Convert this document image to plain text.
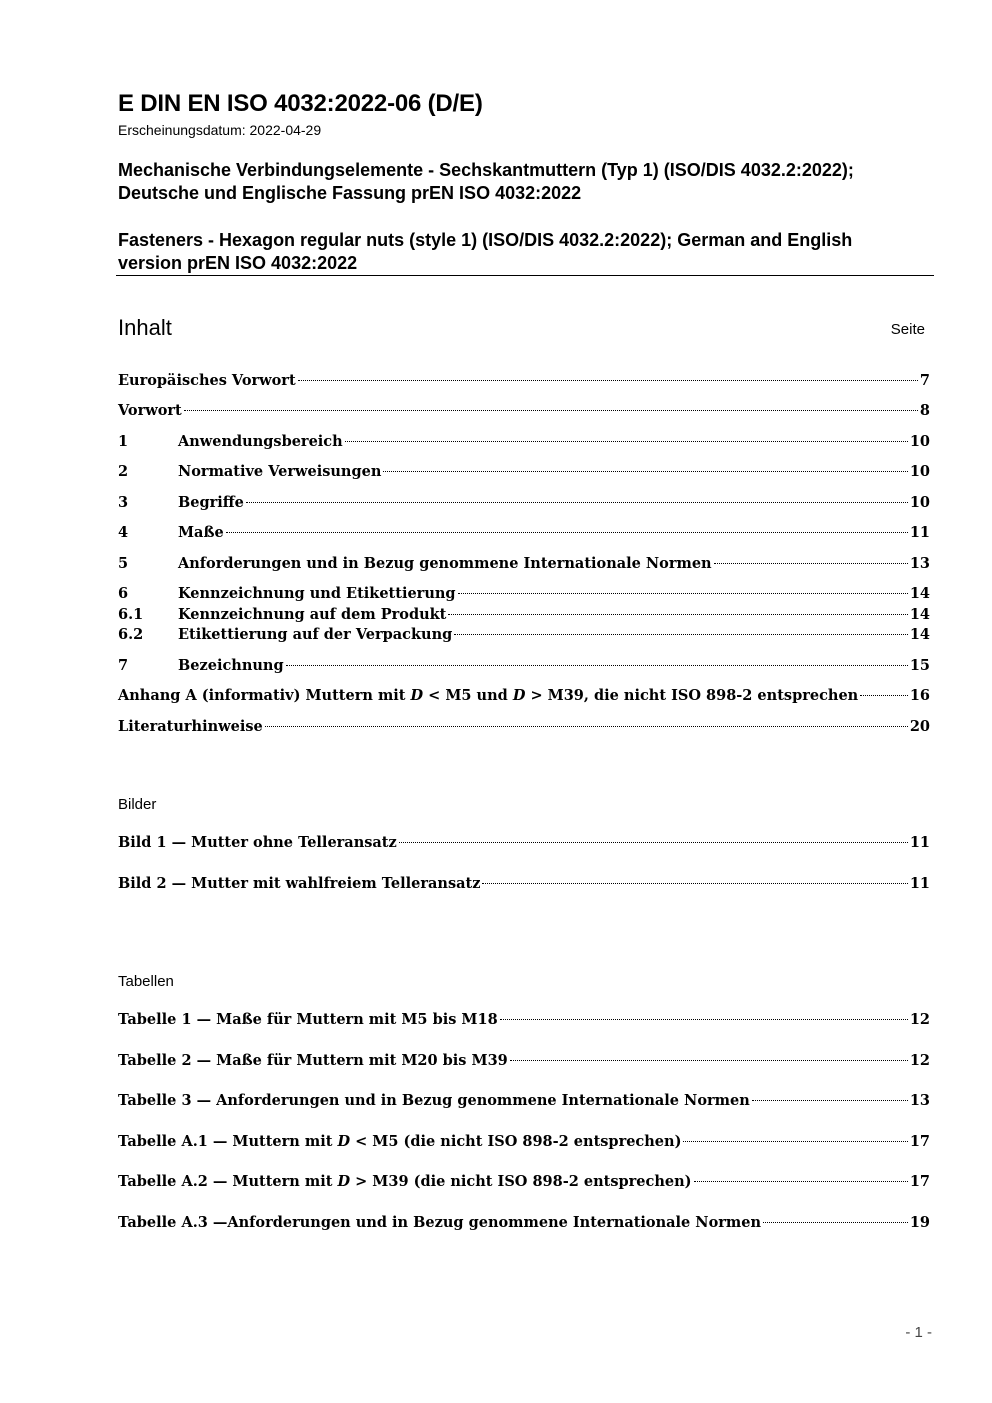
E DIN EN ISO 4032:2022-06 (D/E)
Erscheinungsdatum: 2022-04-29
Mechanische Verbindungselemente - Sechskantmuttern (Typ 1) (ISO/DIS 4032.2:2022); Deutsche und Englische Fassung prEN ISO 4032:2022
Fasteners - Hexagon regular nuts (style 1) (ISO/DIS 4032.2:2022); German and English version prEN ISO 4032:2022
Inhalt	Seite
Europäisches Vorwort	7
Vorwort	8
1	Anwendungsbereich	10
2	Normative Verweisungen	10
3	Begriffe	10
4	Maße	11
5	Anforderungen und in Bezug genommene Internationale Normen	13
6	Kennzeichnung und Etikettierung	14
6.1	Kennzeichnung auf dem Produkt	14
6.2	Etikettierung auf der Verpackung	14
7	Bezeichnung	15
Anhang A (informativ) Muttern mit D < M5 und D > M39, die nicht ISO 898-2 entsprechen	16
Literaturhinweise	20
Bilder
Bild 1 — Mutter ohne Telleransatz	11
Bild 2 — Mutter mit wahlfreiem Telleransatz	11
Tabellen
Tabelle 1 — Maße für Muttern mit M5 bis M18	12
Tabelle 2 — Maße für Muttern mit M20 bis M39	12
Tabelle 3 — Anforderungen und in Bezug genommene Internationale Normen	13
Tabelle A.1 — Muttern mit D < M5 (die nicht ISO 898-2 entsprechen)	17
Tabelle A.2 — Muttern mit D > M39 (die nicht ISO 898-2 entsprechen)	17
Tabelle A.3 —Anforderungen und in Bezug genommene Internationale Normen	19
- 1 -
